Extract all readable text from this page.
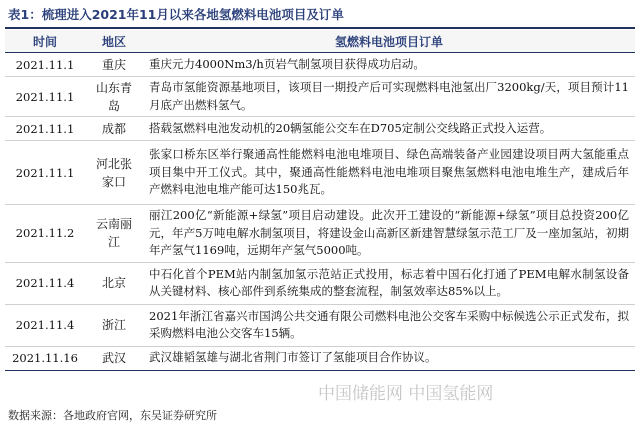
表1：梳理进入2021年11月以来各地氢燃料电池项目及订单
时间	地区	氢燃料电池项目订单
2021.11.1	重庆	重庆元力4000Nm3/h页岩气制氢项目获得成功启动。
2021.11.1	山东青岛	青岛市氢能资源基地项目，该项目一期投产后可实现燃料电池氢出厂3200kg/天，项目预计11月底产出燃料氢气。
2021.11.1	成都	搭载氢燃料电池发动机的20辆氢能公交车在D705定制公交线路正式投入运营。
2021.11.1	河北张家口	张家口桥东区举行聚通高性能燃料电池电堆项目、绿色高端装备产业园建设项目两大氢能重点项目集中开工仪式。其中，聚通高性能燃料电池电堆项目聚焦氢燃料电池电堆生产，建成后年产燃料电池电堆产能可达150兆瓦。
2021.11.2	云南丽江	丽江200亿“新能源+绿氢”项目启动建设。此次开工建设的“新能源+绿氢”项目总投资200亿元，年产5万吨电解水制氢项目，将建设金山高新区新建智慧绿氢示范工厂及一座加氢站，初期年产氢气1169吨，远期年产氢气5000吨。
2021.11.4	北京	中石化首个PEM站内制氢加氢示范站正式投用，标志着中国石化打通了PEM电解水制氢设备从关键材料、核心部件到系统集成的整套流程，制氢效率达85%以上。
2021.11.4	浙江	2021年浙江省嘉兴市国鸿公共交通有限公司燃料电池公交客车采购中标候选公示正式发布，拟采购燃料电池公交客车15辆。
2021.11.16	武汉	武汉雄韬氢雄与湖北省荆门市签订了氢能项目合作协议。
数据来源：各地政府官网，东吴证券研究所
中国储能网 中国氢能网
